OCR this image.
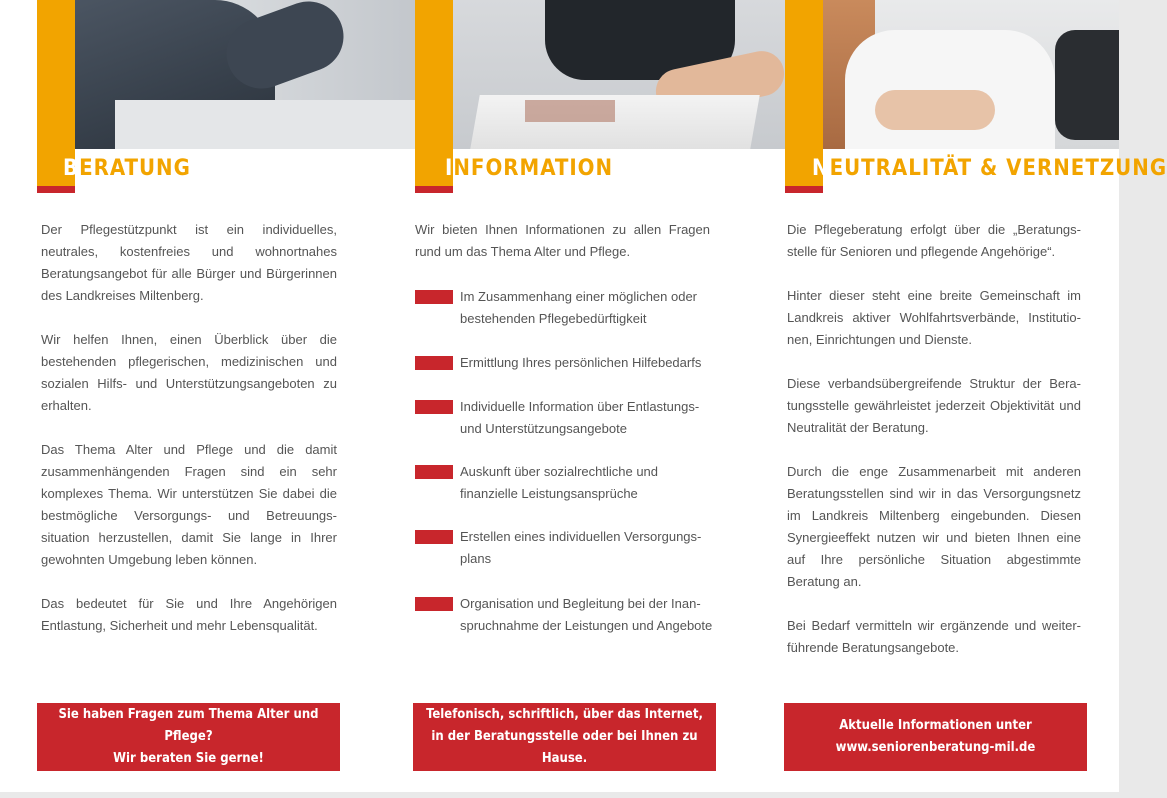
BERATUNG

Der Pflegestützpunkt ist ein individuelles, neutrales, kostenfreies und wohnortnahes Beratungsangebot für alle Bürger und Bürgerinnen des Landkreises Miltenberg.

Wir helfen Ihnen, einen Überblick über die bestehenden pflegerischen, medizinischen und sozialen Hilfs- und Unterstützungsangeboten zu erhalten.

Das Thema Alter und Pflege und die damit zusammenhängenden Fragen sind ein sehr komplexes Thema. Wir unterstützen Sie dabei die bestmögliche Versorgungs- und Betreuungssituation herzustellen, damit Sie lange in Ihrer gewohnten Umgebung leben können.

Das bedeutet für Sie und Ihre Angehörigen Entlastung, Sicherheit und mehr Lebensqualität.

Sie haben Fragen zum Thema Alter und Pflege?
Wir beraten Sie gerne!
INFORMATION

Wir bieten Ihnen Informationen zu allen Fragen rund um das Thema Alter und Pflege.

Im Zusammenhang einer möglichen oder bestehenden Pflegebedürftigkeit
Ermittlung Ihres persönlichen Hilfebedarfs
Individuelle Information über Entlastungs- und Unterstützungsangebote
Auskunft über sozialrechtliche und finanzielle Leistungsansprüche
Erstellen eines individuellen Versorgungsplans
Organisation und Begleitung bei der Inanspruchnahme der Leistungen und Angebote
Telefonisch, schriftlich, über das Internet,
in der Beratungsstelle oder bei Ihnen zu Hause.
NEUTRALITÄT & VERNETZUNG

Die Pflegeberatung erfolgt über die „Beratungsstelle für Senioren und pflegende Angehörige“.

Hinter dieser steht eine breite Gemeinschaft im Landkreis aktiver Wohlfahrtsverbände, Institutionen, Einrichtungen und Dienste.

Diese verbandsübergreifende Struktur der Beratungsstelle gewährleistet jederzeit Objektivität und Neutralität der Beratung.

Durch die enge Zusammenarbeit mit anderen Beratungsstellen sind wir in das Versorgungsnetz im Landkreis Miltenberg eingebunden. Diesen Synergieeffekt nutzen wir und bieten Ihnen eine auf Ihre persönliche Situation abgestimmte Beratung an.

Bei Bedarf vermitteln wir ergänzende und weiterführende Beratungsangebote.

Aktuelle Informationen unter
www.seniorenberatung-mil.de
